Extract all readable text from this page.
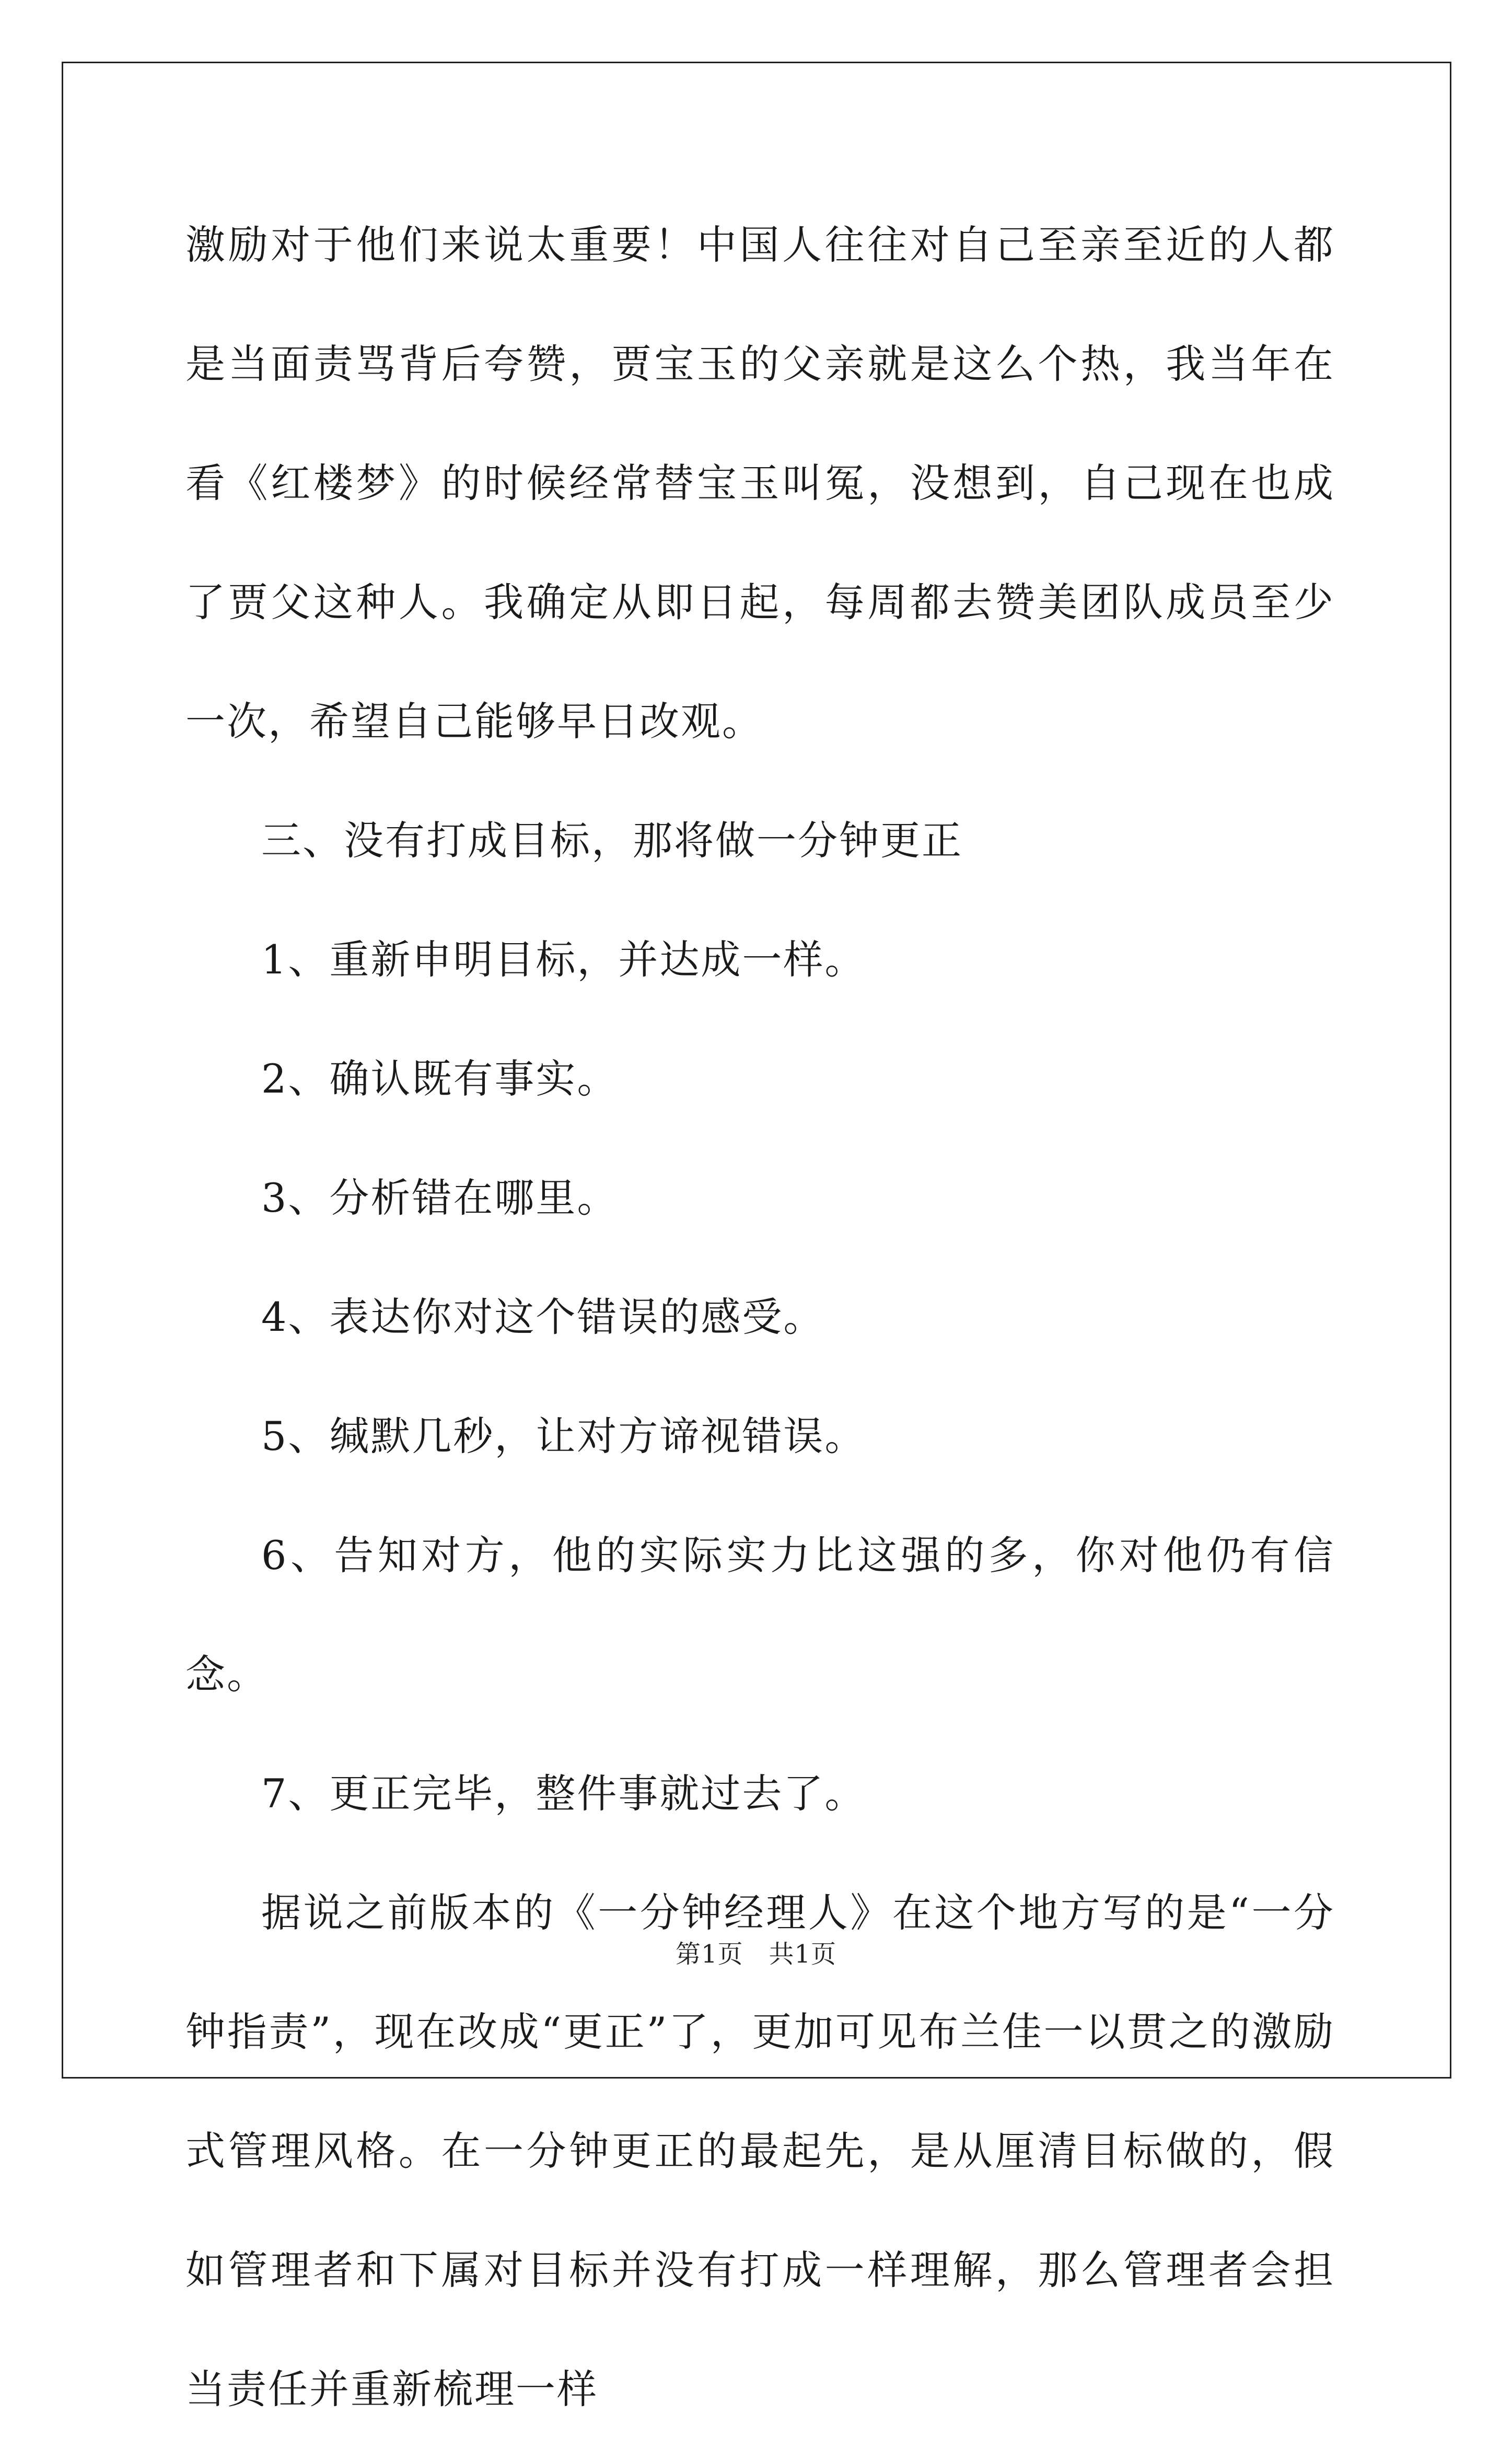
激励对于他们来说太重要！中国人往往对自己至亲至近的人都是当面责骂背后夸赞，贾宝玉的父亲就是这么个热，我当年在看《红楼梦》的时候经常替宝玉叫冤，没想到，自己现在也成了贾父这种人。我确定从即日起，每周都去赞美团队成员至少一次，希望自己能够早日改观。

三、没有打成目标，那将做一分钟更正

1、重新申明目标，并达成一样。

2、确认既有事实。

3、分析错在哪里。

4、表达你对这个错误的感受。

5、缄默几秒，让对方谛视错误。

6、告知对方，他的实际实力比这强的多，你对他仍有信念。

7、更正完毕，整件事就过去了。

据说之前版本的《一分钟经理人》在这个地方写的是“一分钟指责”，现在改成“更正”了，更加可见布兰佳一以贯之的激励式管理风格。在一分钟更正的最起先，是从厘清目标做的，假如管理者和下属对目标并没有打成一样理解，那么管理者会担当责任并重新梳理一样

第1页　共1页
